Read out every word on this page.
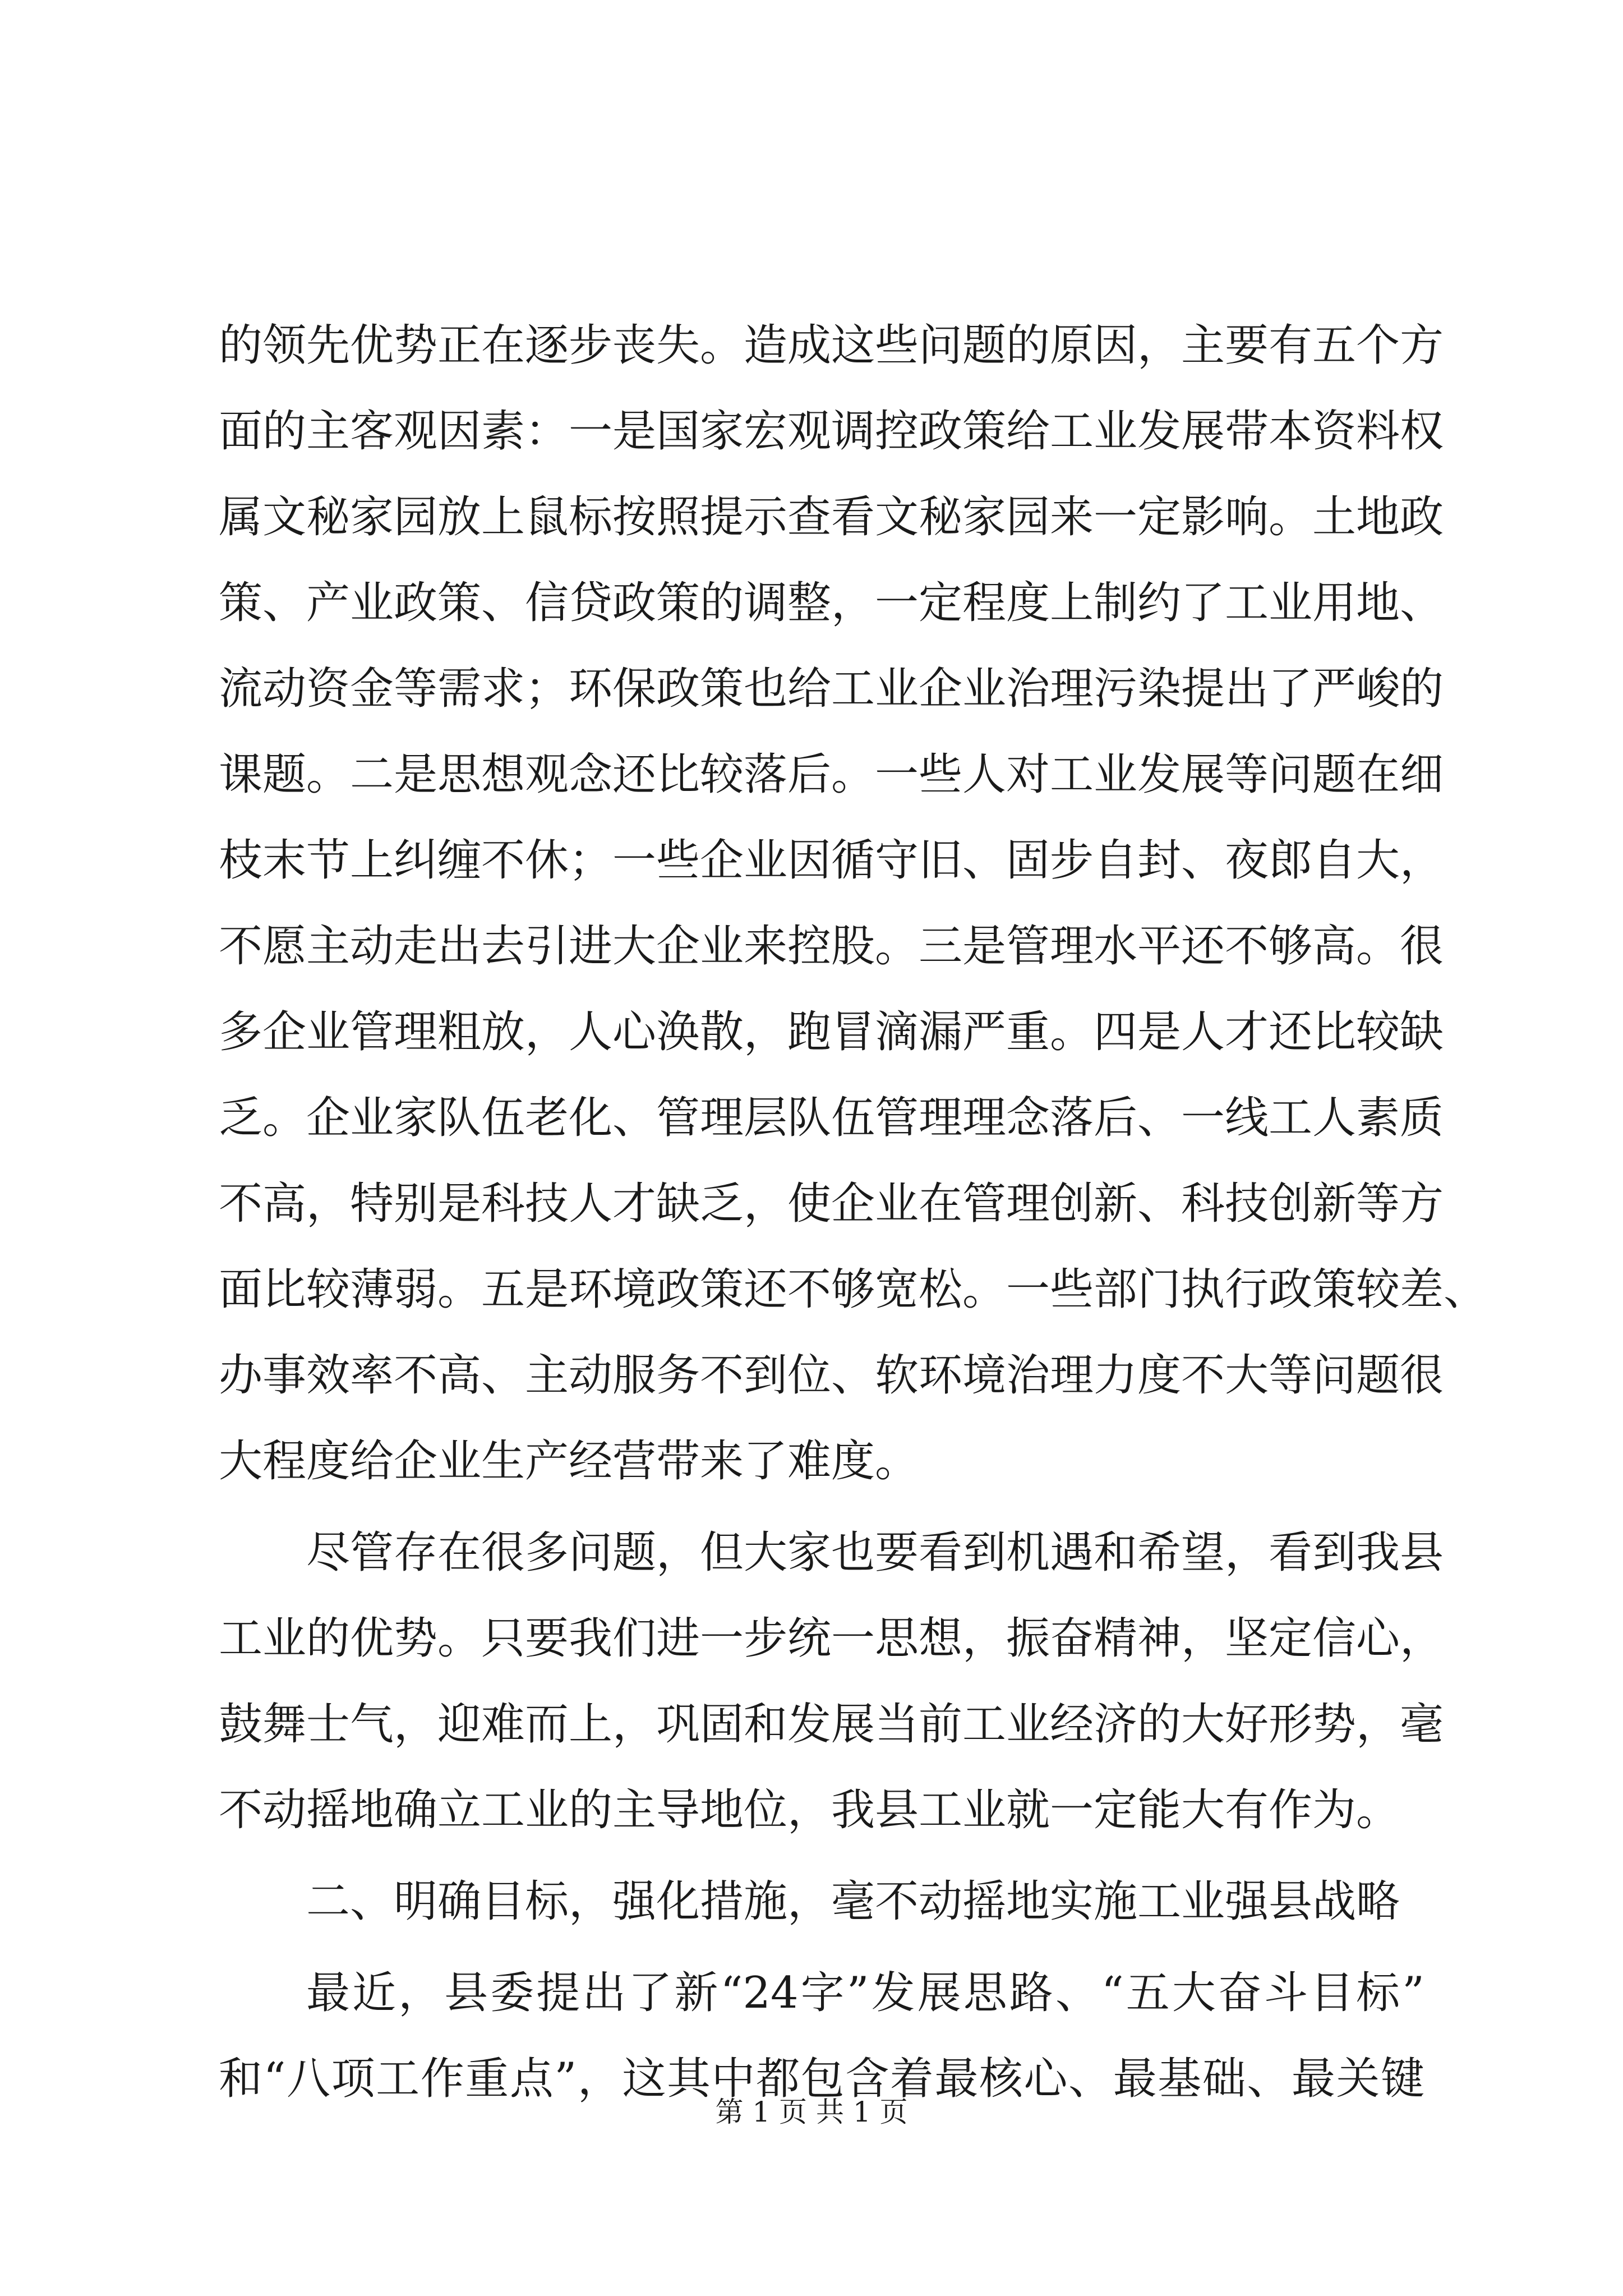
的领先优势正在逐步丧失。造成这些问题的原因，主要有五个方
面的主客观因素：一是国家宏观调控政策给工业发展带本资料权
属文秘家园放上鼠标按照提示查看文秘家园来一定影响。土地政
策、产业政策、信贷政策的调整，一定程度上制约了工业用地、
流动资金等需求；环保政策也给工业企业治理污染提出了严峻的
课题。二是思想观念还比较落后。一些人对工业发展等问题在细
枝末节上纠缠不休；一些企业因循守旧、固步自封、夜郎自大，
不愿主动走出去引进大企业来控股。三是管理水平还不够高。很
多企业管理粗放，人心涣散，跑冒滴漏严重。四是人才还比较缺
乏。企业家队伍老化、管理层队伍管理理念落后、一线工人素质
不高，特别是科技人才缺乏，使企业在管理创新、科技创新等方
面比较薄弱。五是环境政策还不够宽松。一些部门执行政策较差、
办事效率不高、主动服务不到位、软环境治理力度不大等问题很
大程度给企业生产经营带来了难度。
尽管存在很多问题，但大家也要看到机遇和希望，看到我县
工业的优势。只要我们进一步统一思想，振奋精神，坚定信心，
鼓舞士气，迎难而上，巩固和发展当前工业经济的大好形势，毫
不动摇地确立工业的主导地位，我县工业就一定能大有作为。
二、明确目标，强化措施，毫不动摇地实施工业强县战略
最近，县委提出了新“24字”发展思路、“五大奋斗目标”
和“八项工作重点”，这其中都包含着最核心、最基础、最关键
第 1 页 共 1 页
